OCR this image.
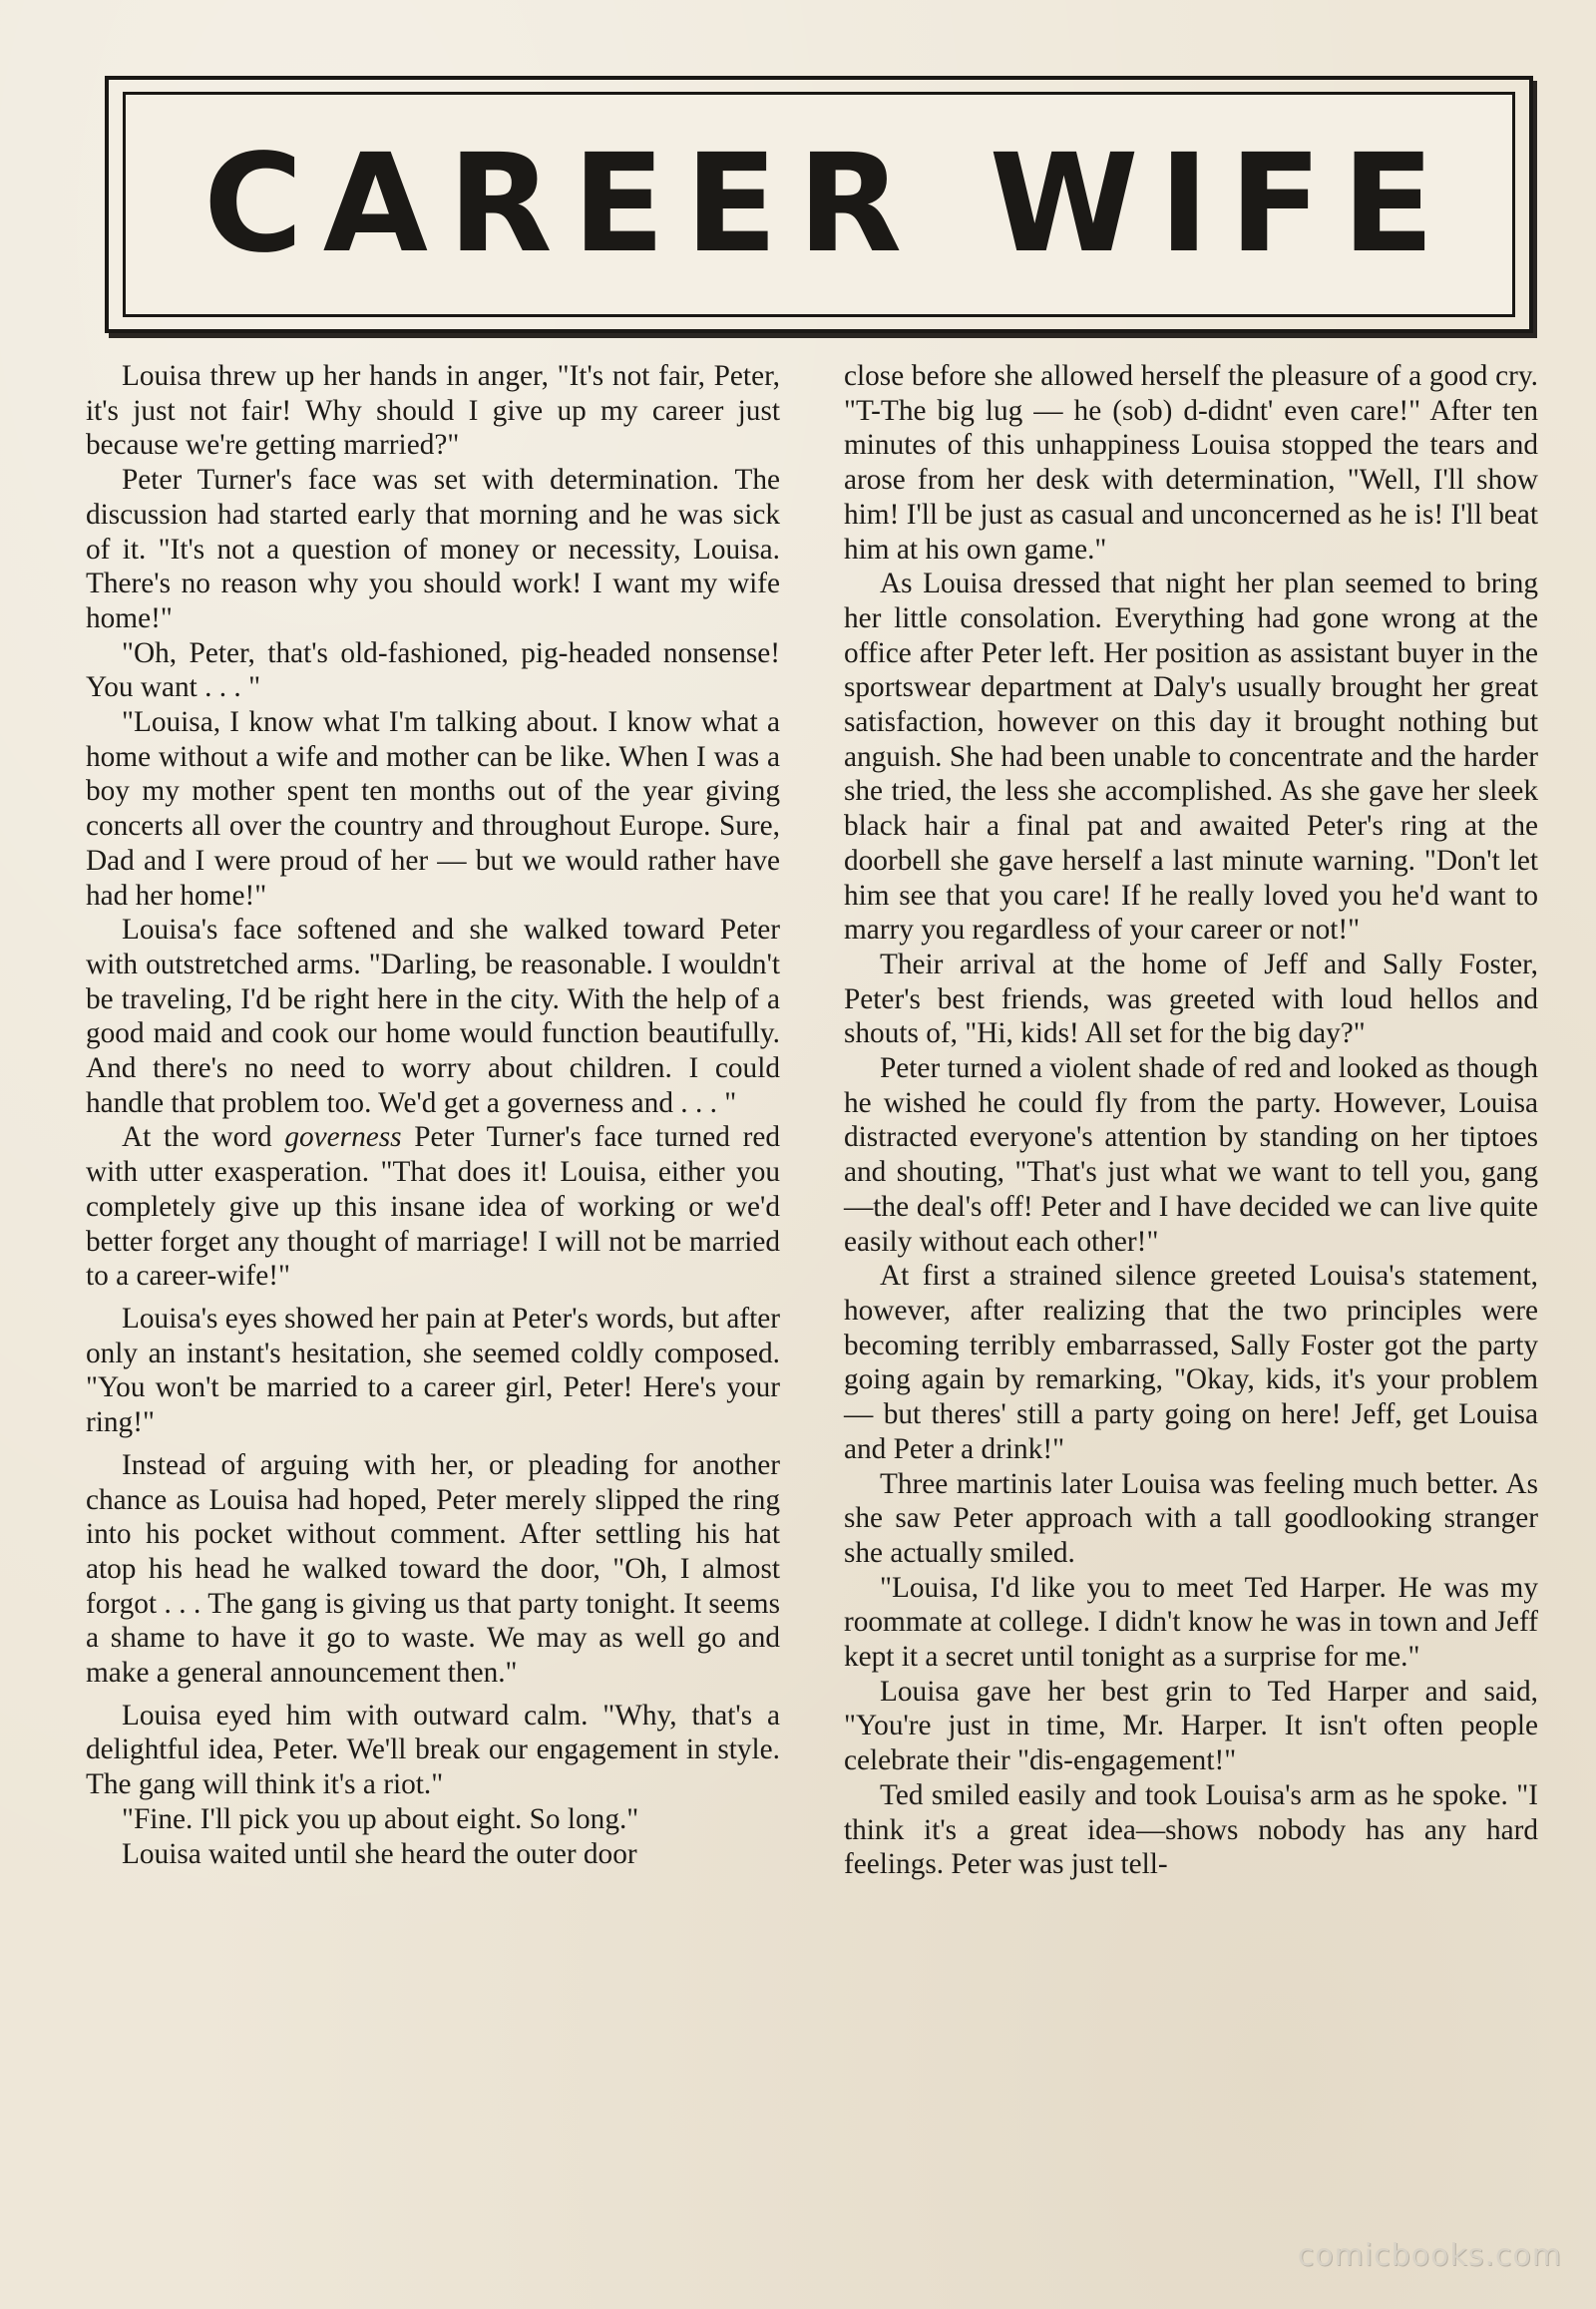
CAREER WIFE

Louisa threw up her hands in anger, "It's not fair, Peter, it's just not fair! Why should I give up my career just because we're getting married?"

Peter Turner's face was set with determination. The discussion had started early that morning and he was sick of it. "It's not a question of money or necessity, Louisa. There's no reason why you should work! I want my wife home!"

"Oh, Peter, that's old-fashioned, pig-headed nonsense! You want . . . "

"Louisa, I know what I'm talking about. I know what a home without a wife and mother can be like. When I was a boy my mother spent ten months out of the year giving concerts all over the country and throughout Europe. Sure, Dad and I were proud of her — but we would rather have had her home!"

Louisa's face softened and she walked toward Peter with outstretched arms. "Darling, be reasonable. I wouldn't be traveling, I'd be right here in the city. With the help of a good maid and cook our home would function beautifully. And there's no need to worry about children. I could handle that problem too. We'd get a governess and . . . "

At the word governess Peter Turner's face turned red with utter exasperation. "That does it! Louisa, either you completely give up this insane idea of working or we'd better forget any thought of marriage! I will not be married to a career-wife!"

Louisa's eyes showed her pain at Peter's words, but after only an instant's hesitation, she seemed coldly composed. "You won't be married to a career girl, Peter! Here's your ring!"

Instead of arguing with her, or pleading for another chance as Louisa had hoped, Peter merely slipped the ring into his pocket without comment. After settling his hat atop his head he walked toward the door, "Oh, I almost forgot . . . The gang is giving us that party tonight. It seems a shame to have it go to waste. We may as well go and make a general announcement then."

Louisa eyed him with outward calm. "Why, that's a delightful idea, Peter. We'll break our engagement in style. The gang will think it's a riot."

"Fine. I'll pick you up about eight. So long."

Louisa waited until she heard the outer door

close before she allowed herself the pleasure of a good cry. "T-The big lug — he (sob) d-didnt' even care!" After ten minutes of this unhappiness Louisa stopped the tears and arose from her desk with determination, "Well, I'll show him! I'll be just as casual and unconcerned as he is! I'll beat him at his own game."

As Louisa dressed that night her plan seemed to bring her little consolation. Everything had gone wrong at the office after Peter left. Her position as assistant buyer in the sportswear department at Daly's usually brought her great satisfaction, however on this day it brought nothing but anguish. She had been unable to concentrate and the harder she tried, the less she accomplished. As she gave her sleek black hair a final pat and awaited Peter's ring at the doorbell she gave herself a last minute warning. "Don't let him see that you care! If he really loved you he'd want to marry you regardless of your career or not!"

Their arrival at the home of Jeff and Sally Foster, Peter's best friends, was greeted with loud hellos and shouts of, "Hi, kids! All set for the big day?"

Peter turned a violent shade of red and looked as though he wished he could fly from the party. However, Louisa distracted everyone's attention by standing on her tiptoes and shouting, "That's just what we want to tell you, gang —the deal's off! Peter and I have decided we can live quite easily without each other!"

At first a strained silence greeted Louisa's statement, however, after realizing that the two principles were becoming terribly embarrassed, Sally Foster got the party going again by remarking, "Okay, kids, it's your problem — but theres' still a party going on here! Jeff, get Louisa and Peter a drink!"

Three martinis later Louisa was feeling much better. As she saw Peter approach with a tall goodlooking stranger she actually smiled.

"Louisa, I'd like you to meet Ted Harper. He was my roommate at college. I didn't know he was in town and Jeff kept it a secret until tonight as a surprise for me."

Louisa gave her best grin to Ted Harper and said, "You're just in time, Mr. Harper. It isn't often people celebrate their "dis-engagement!"

Ted smiled easily and took Louisa's arm as he spoke. "I think it's a great idea—shows nobody has any hard feelings. Peter was just tell-

comicbooks.com
